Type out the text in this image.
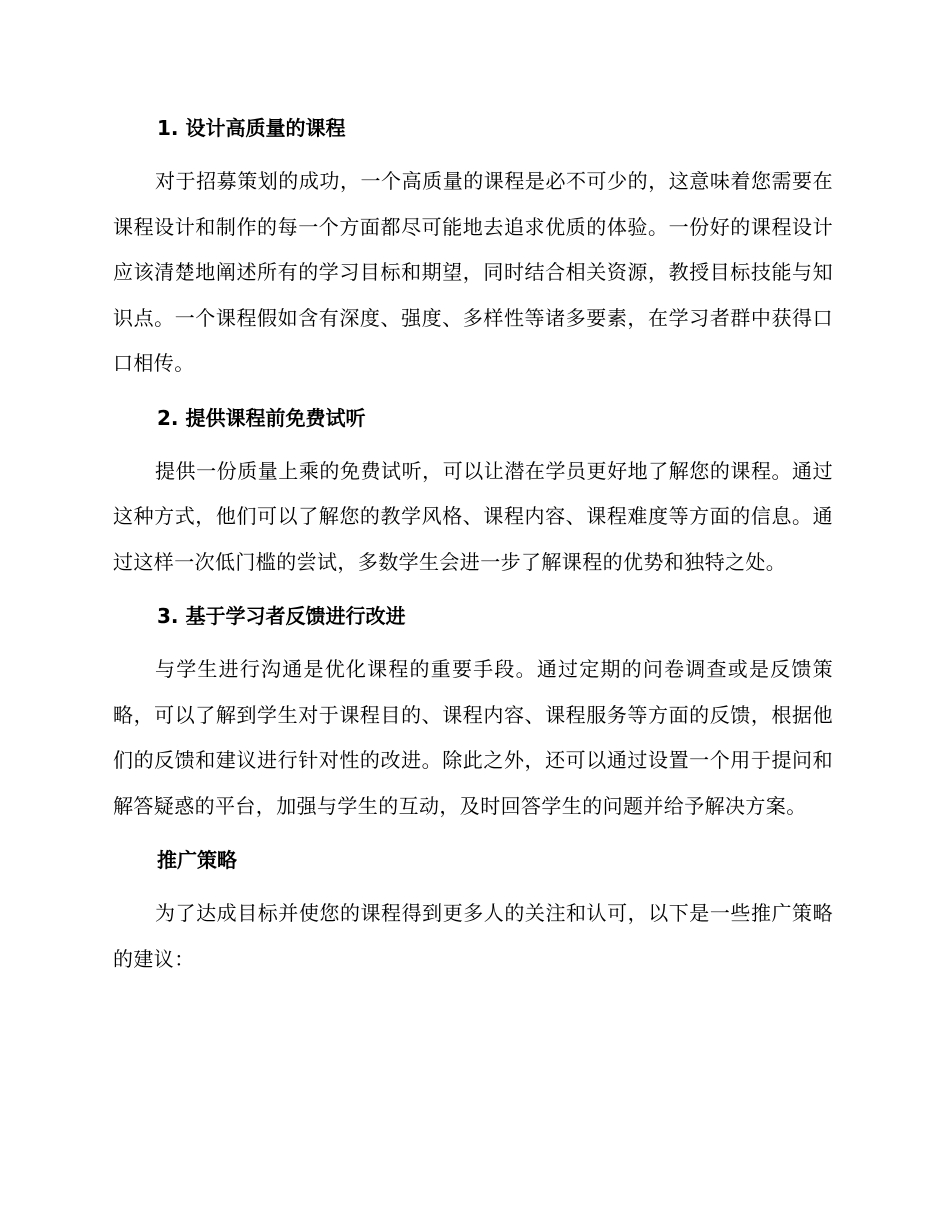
1. 设计高质量的课程

对于招募策划的成功，一个高质量的课程是必不可少的，这意味着您需要在课程设计和制作的每一个方面都尽可能地去追求优质的体验。一份好的课程设计应该清楚地阐述所有的学习目标和期望，同时结合相关资源，教授目标技能与知识点。一个课程假如含有深度、强度、多样性等诸多要素，在学习者群中获得口口相传。

2. 提供课程前免费试听

提供一份质量上乘的免费试听，可以让潜在学员更好地了解您的课程。通过这种方式，他们可以了解您的教学风格、课程内容、课程难度等方面的信息。通过这样一次低门槛的尝试，多数学生会进一步了解课程的优势和独特之处。

3. 基于学习者反馈进行改进

与学生进行沟通是优化课程的重要手段。通过定期的问卷调查或是反馈策略，可以了解到学生对于课程目的、课程内容、课程服务等方面的反馈，根据他们的反馈和建议进行针对性的改进。除此之外，还可以通过设置一个用于提问和解答疑惑的平台，加强与学生的互动，及时回答学生的问题并给予解决方案。

推广策略

为了达成目标并使您的课程得到更多人的关注和认可，以下是一些推广策略的建议：
